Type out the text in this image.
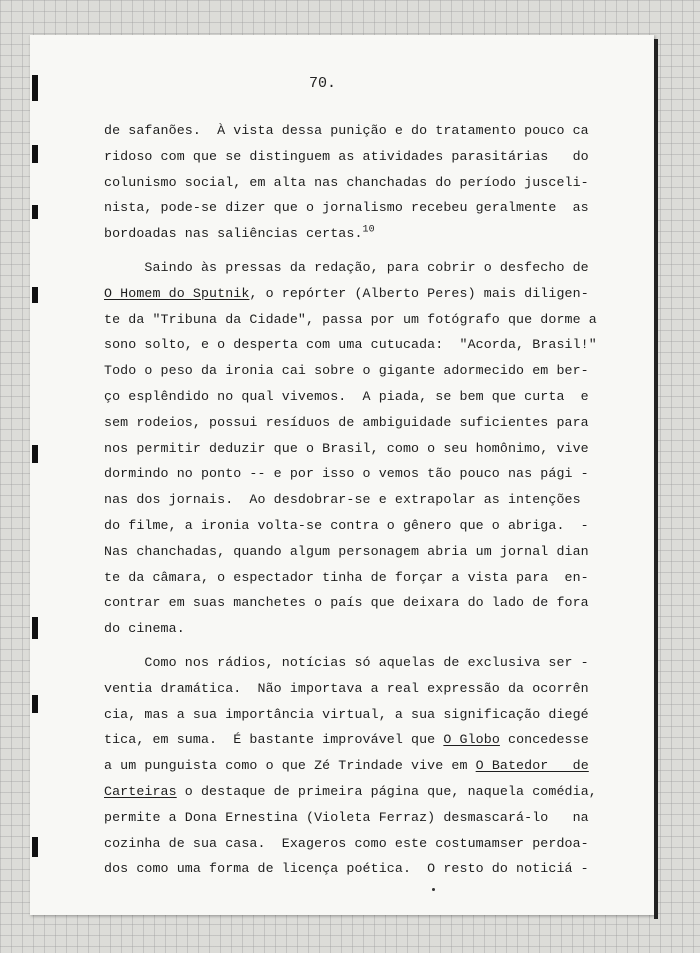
70.
de safanões.  À vista dessa punição e do tratamento pouco ca
ridoso com que se distinguem as atividades parasitárias   do
colunismo social, em alta nas chanchadas do período jusceli-
nista, pode-se dizer que o jornalismo recebeu geralmente  as
bordoadas nas saliências certas.$^{10}$
Saindo às pressas da redação, para cobrir o desfecho de
O Homem do Sputnik, o repórter (Alberto Peres) mais diligen-
te da "Tribuna da Cidade", passa por um fotógrafo que dorme a
sono solto, e o desperta com uma cutucada:  "Acorda, Brasil!"
Todo o peso da ironia cai sobre o gigante adormecido em ber-
ço esplêndido no qual vivemos.  A piada, se bem que curta  e
sem rodeios, possui resíduos de ambiguidade suficientes para
nos permitir deduzir que o Brasil, como o seu homônimo, vive
dormindo no ponto -- e por isso o vemos tão pouco nas pági -
nas dos jornais.  Ao desdobrar-se e extrapolar as intenções
do filme, a ironia volta-se contra o gênero que o abriga.  -
Nas chanchadas, quando algum personagem abria um jornal dian
te da câmara, o espectador tinha de forçar a vista para  en-
contrar em suas manchetes o país que deixara do lado de fora
do cinema.
Como nos rádios, notícias só aquelas de exclusiva ser -
ventia dramática.  Não importava a real expressão da ocorrên
cia, mas a sua importância virtual, a sua significação diegé
tica, em suma.  É bastante improvável que O Globo concedesse
a um punguista como o que Zé Trindade vive em O Batedor   de
Carteiras o destaque de primeira página que, naquela comédia,
permite a Dona Ernestina (Violeta Ferraz) desmascará-lo   na
cozinha de sua casa.  Exageros como este costumamser perdoa-
dos como uma forma de licença poética.  O resto do noticiá -
